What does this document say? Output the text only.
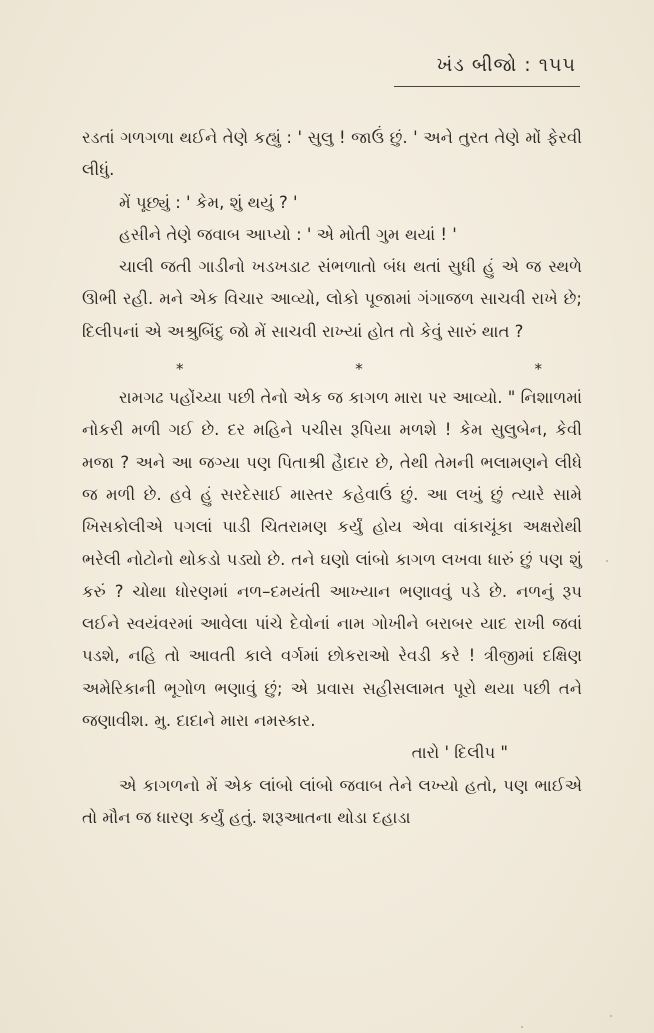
ખંડ બીજો : ૧૫૫

રડતાં ગળગળા થઈને તેણે કહ્યું : ' સુલુ ! જાઉં છું. ' અને તુરત તેણે મોં ફેરવી લીધું.

મેં પૂછ્યું : ' કેમ, શું થયું ? '

હસીને તેણે જવાબ આપ્યો : ' એ મોતી ગુમ થયાં ! '

ચાલી જતી ગાડીનો ખડખડાટ સંભળાતો બંધ થતાં સુધી હું એ જ સ્થળે ઊભી રહી. મને એક વિચાર આવ્યો, લોકો પૂજામાં ગંગાજળ સાચવી રાખે છે; દિલીપનાં એ અશ્રુબિંદુ જો મેં સાચવી રાખ્યાં હોત તો કેવું સારું થાત ?

*	*	*

રામગઢ પહોંચ્યા પછી તેનો એક જ કાગળ મારા પર આવ્યો. " નિશાળમાં નોકરી મળી ગઈ છે. દર મહિને પચીસ રૂપિયા મળશે ! કેમ સુલુબેન, કેવી મજા ? અને આ જગ્યા પણ પિતાશ્રી હૈાદાર છે, તેથી તેમની ભલામણને લીધે જ મળી છે. હવે હું સરદેસાઈ માસ્તર કહેવાઉં છું. આ લખું છું ત્યારે સામે ખિસકોલીએ પગલાં પાડી ચિતરામણ કર્યું હોય એવા વાંકાચૂંકા અક્ષરોથી ભરેલી નોટોનો થોકડો પડ્યો છે. તને ઘણો લાંબો કાગળ લખવા ધારું છું પણ શું કરું ? ચોથા ધોરણમાં નળ–દમયંતી આખ્યાન ભણાવવું પડે છે. નળનું રૂપ લઈને સ્વયંવરમાં આવેલા પાંચે દેવોનાં નામ ગોખીને બરાબર યાદ રાખી જવાં પડશે, નહિ તો આવતી કાલે વર્ગમાં છોકરાઓ રેવડી કરે ! ત્રીજીમાં દક્ષિણ અમેરિકાની ભૂગોળ ભણાવું છું; એ પ્રવાસ સહીસલામત પૂરો થયા પછી તને જણાવીશ. મુ. દાદાને મારા નમસ્કાર.

તારો ' દિલીપ "

એ કાગળનો મેં એક લાંબો લાંબો જવાબ તેને લખ્યો હતો, પણ ભાઈએ તો મૌન જ ધારણ કર્યું હતું. શરૂઆતના થોડા દહાડા
